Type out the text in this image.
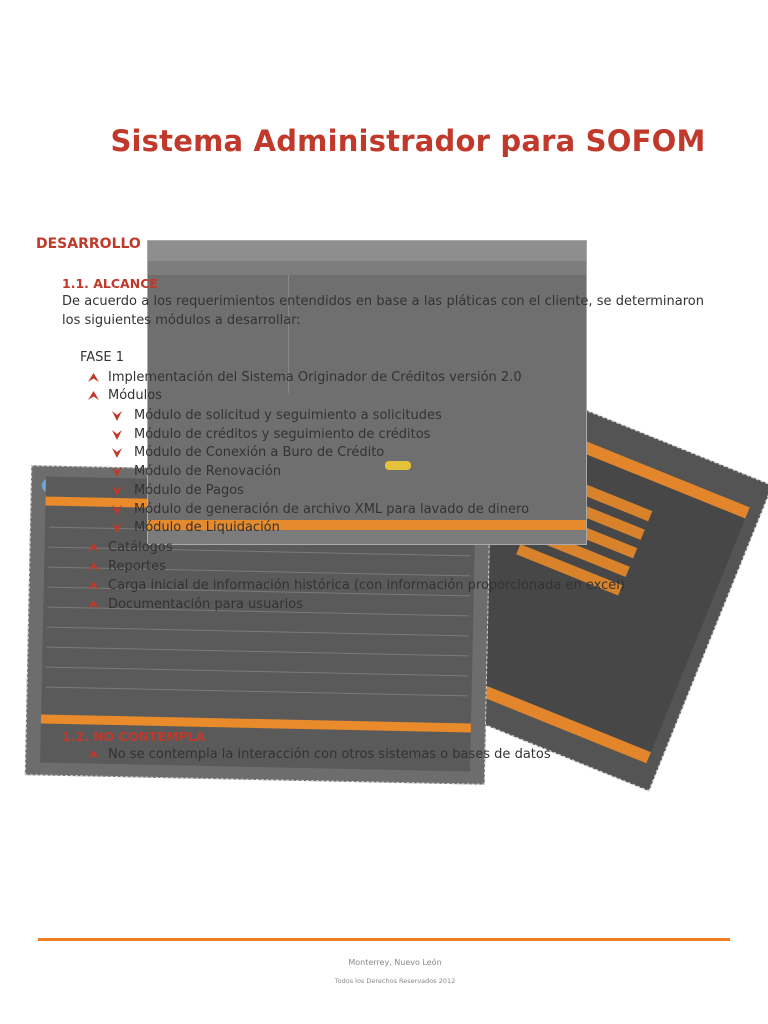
Sistema Administrador para SOFOM
DESARROLLO
1.1. ALCANCE
De acuerdo a los requerimientos entendidos en base a las pláticas con el cliente, se determinaron los siguientes módulos a desarrollar:
FASE 1
Implementación del Sistema Originador de Créditos versión 2.0
Módulos
Módulo de solicitud y seguimiento a solicitudes
Módulo de créditos y seguimiento de créditos
Módulo de Conexión a Buro de Crédito
Módulo de Renovación
Módulo de Pagos
Módulo de generación de archivo XML para lavado de dinero
Módulo de Liquidación
Catálogos
Reportes
Carga inicial de información histórica (con información proporcionada en excel)
Documentación para usuarios
1.2. NO CONTEMPLA
No se contempla la interacción con otros sistemas o bases de datos
Monterrey, Nuevo León
Todos los Derechos Reservados 2012
